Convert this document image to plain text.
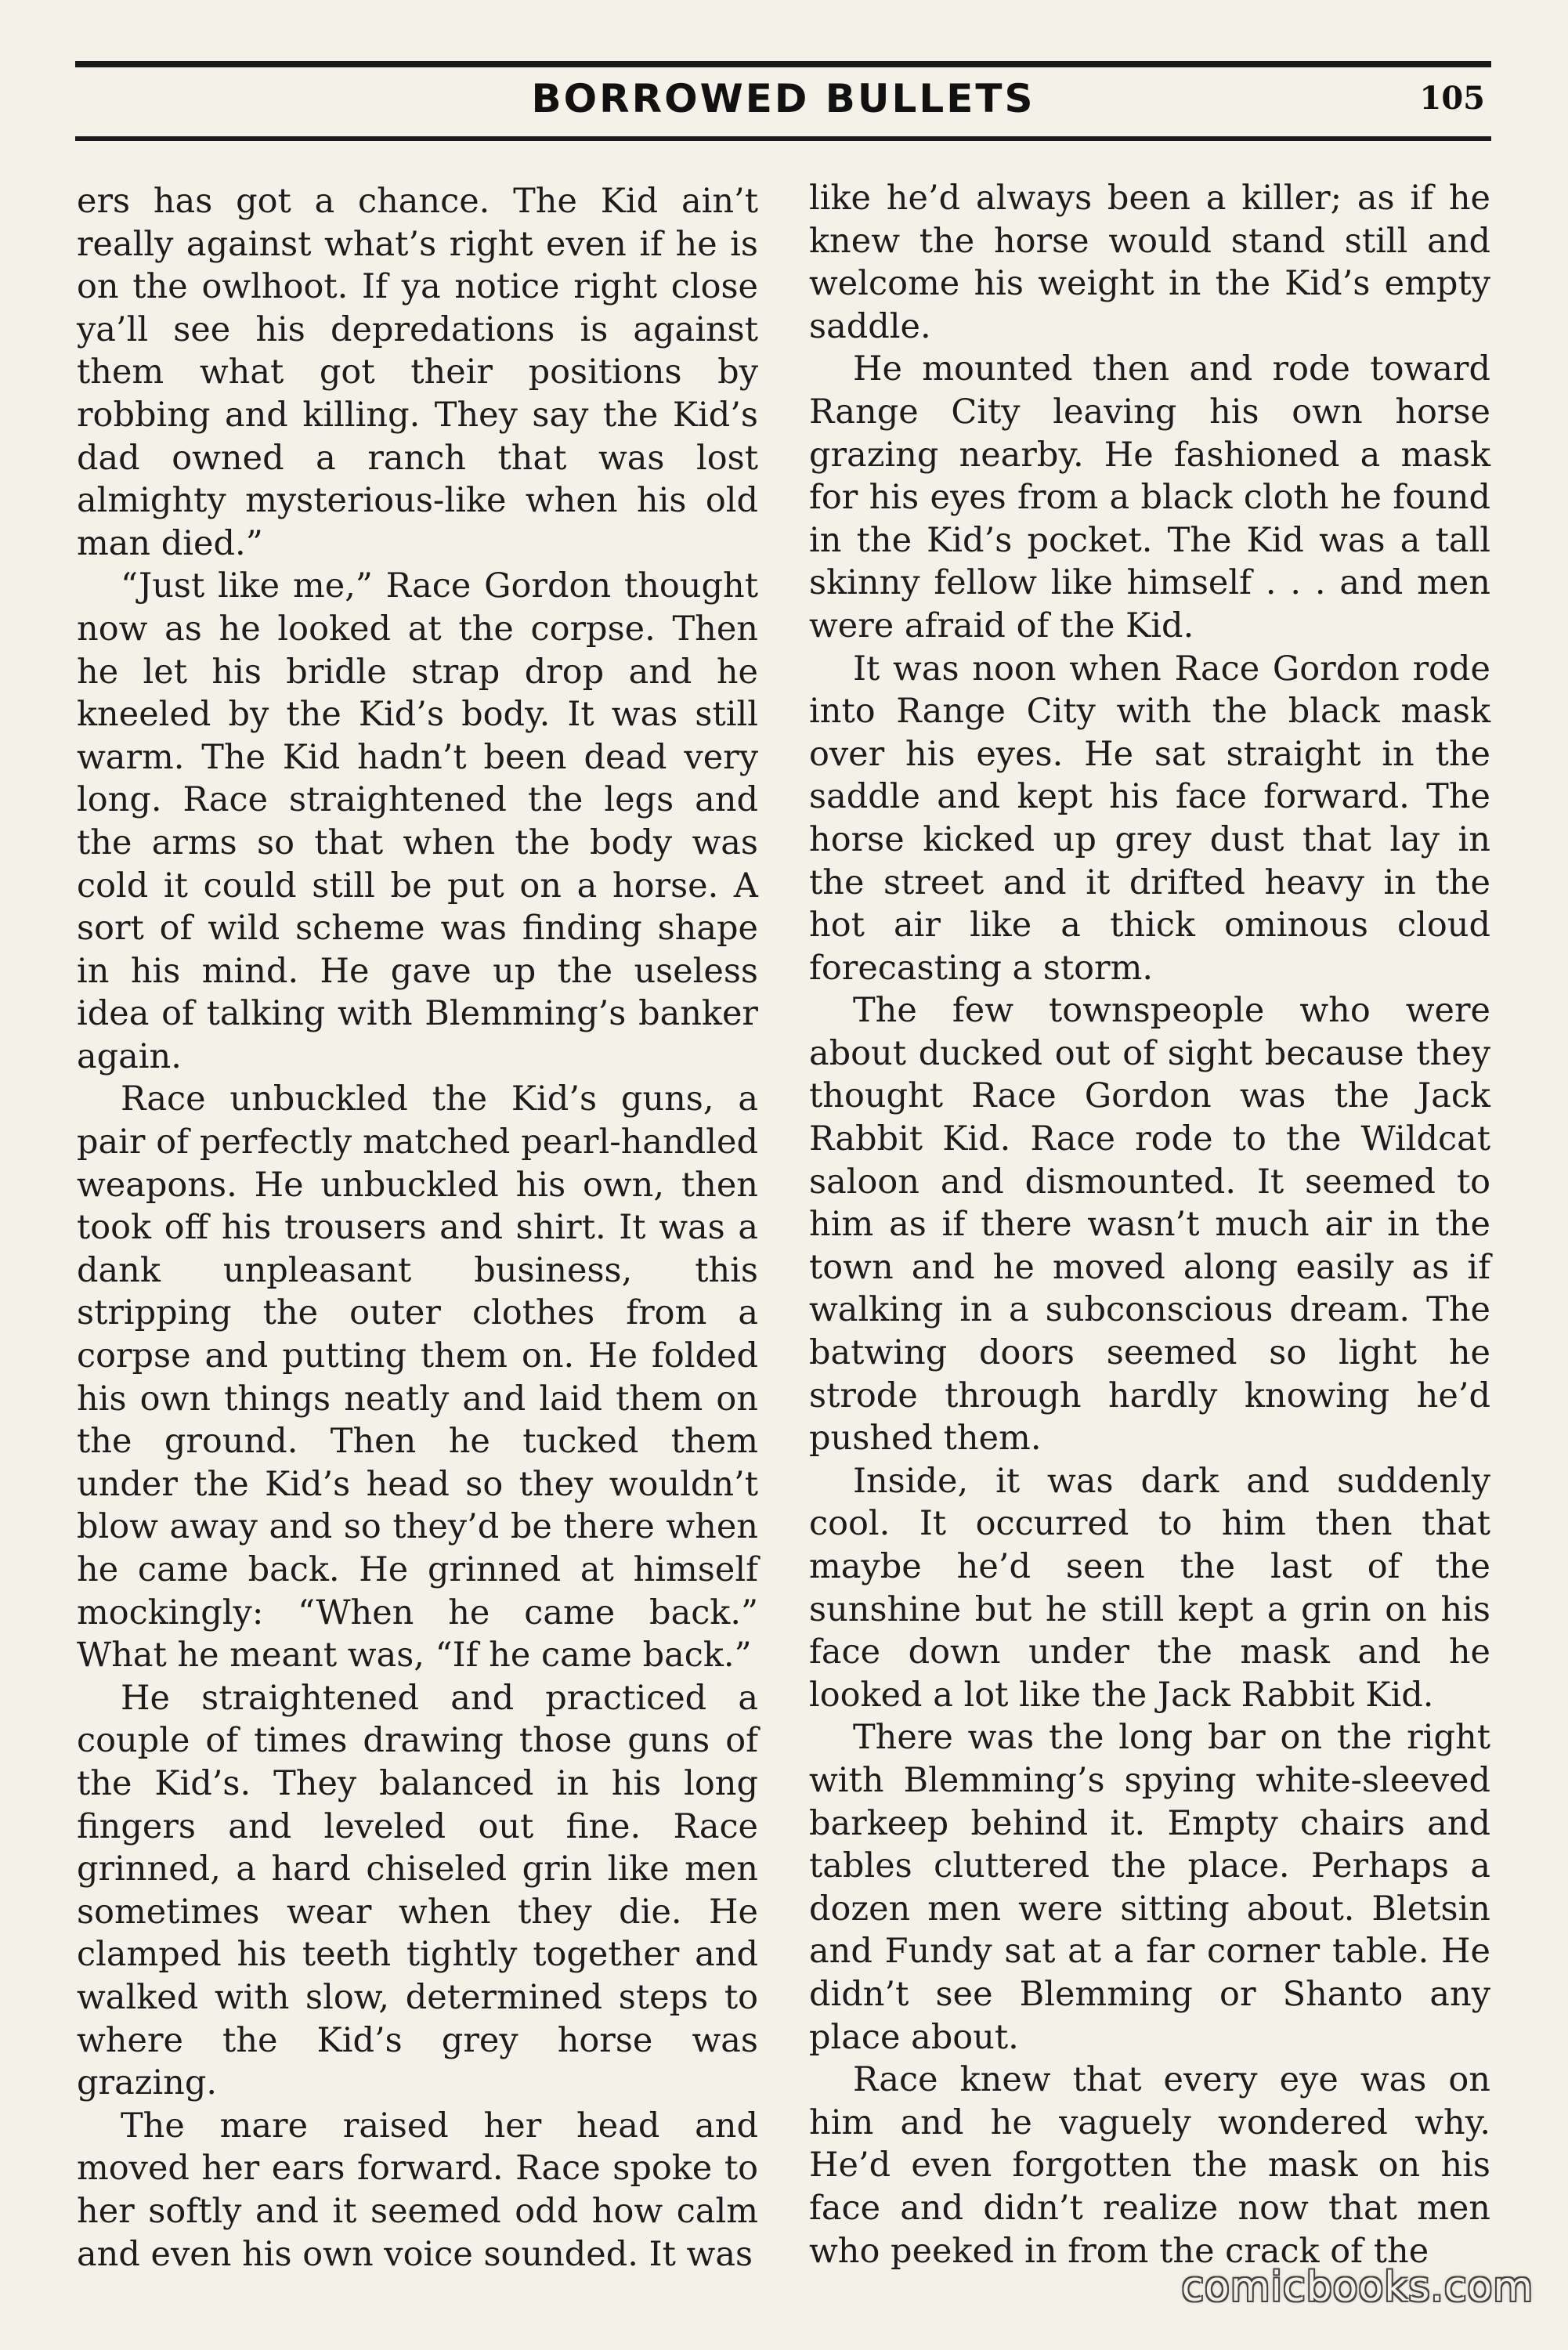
BORROWED BULLETS	105

ers has got a chance. The Kid ain’t really against what’s right even if he is on the owlhoot. If ya notice right close ya’ll see his depredations is against them what got their positions by robbing and killing. They say the Kid’s dad owned a ranch that was lost almighty mysterious-like when his old man died.”

“Just like me,” Race Gordon thought now as he looked at the corpse. Then he let his bridle strap drop and he kneeled by the Kid’s body. It was still warm. The Kid hadn’t been dead very long. Race straightened the legs and the arms so that when the body was cold it could still be put on a horse. A sort of wild scheme was finding shape in his mind. He gave up the useless idea of talking with Blemming’s banker again.

Race unbuckled the Kid’s guns, a pair of perfectly matched pearl-handled weapons. He unbuckled his own, then took off his trousers and shirt. It was a dank unpleasant business, this stripping the outer clothes from a corpse and putting them on. He folded his own things neatly and laid them on the ground. Then he tucked them under the Kid’s head so they wouldn’t blow away and so they’d be there when he came back. He grinned at himself mockingly: “When he came back.” What he meant was, “If he came back.”

He straightened and practiced a couple of times drawing those guns of the Kid’s. They balanced in his long fingers and leveled out fine. Race grinned, a hard chiseled grin like men sometimes wear when they die. He clamped his teeth tightly together and walked with slow, determined steps to where the Kid’s grey horse was grazing.

The mare raised her head and moved her ears forward. Race spoke to her softly and it seemed odd how calm and even his own voice sounded. It was

like he’d always been a killer; as if he knew the horse would stand still and welcome his weight in the Kid’s empty saddle.

He mounted then and rode toward Range City leaving his own horse grazing nearby. He fashioned a mask for his eyes from a black cloth he found in the Kid’s pocket. The Kid was a tall skinny fellow like himself . . . and men were afraid of the Kid.

It was noon when Race Gordon rode into Range City with the black mask over his eyes. He sat straight in the saddle and kept his face forward. The horse kicked up grey dust that lay in the street and it drifted heavy in the hot air like a thick ominous cloud forecasting a storm.

The few townspeople who were about ducked out of sight because they thought Race Gordon was the Jack Rabbit Kid. Race rode to the Wildcat saloon and dismounted. It seemed to him as if there wasn’t much air in the town and he moved along easily as if walking in a subconscious dream. The batwing doors seemed so light he strode through hardly knowing he’d pushed them.

Inside, it was dark and suddenly cool. It occurred to him then that maybe he’d seen the last of the sunshine but he still kept a grin on his face down under the mask and he looked a lot like the Jack Rabbit Kid.

There was the long bar on the right with Blemming’s spying white-sleeved barkeep behind it. Empty chairs and tables cluttered the place. Perhaps a dozen men were sitting about. Bletsin and Fundy sat at a far corner table. He didn’t see Blemming or Shanto any place about.

Race knew that every eye was on him and he vaguely wondered why. He’d even forgotten the mask on his face and didn’t realize now that men who peeked in from the crack of the

comicbooks.com
